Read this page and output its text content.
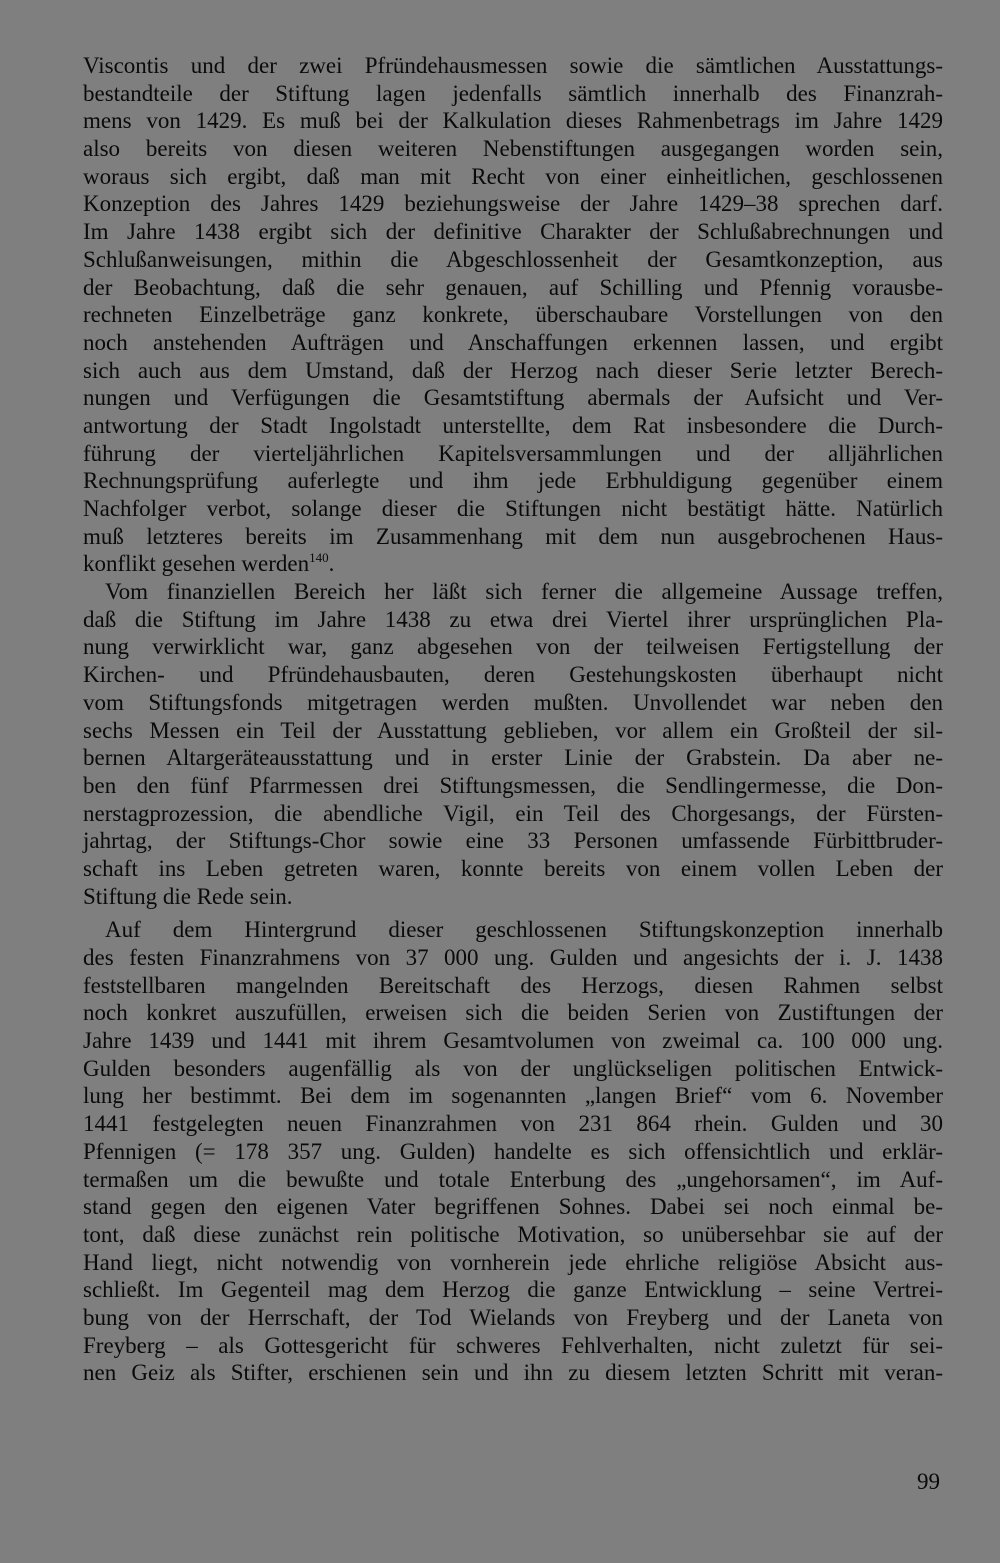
Viscontis und der zwei Pfründehausmessen sowie die sämtlichen Ausstattungs-
bestandteile der Stiftung lagen jedenfalls sämtlich innerhalb des Finanzrah-
mens von 1429. Es muß bei der Kalkulation dieses Rahmenbetrags im Jahre 1429
also bereits von diesen weiteren Nebenstiftungen ausgegangen worden sein,
woraus sich ergibt, daß man mit Recht von einer einheitlichen, geschlossenen
Konzeption des Jahres 1429 beziehungsweise der Jahre 1429–38 sprechen darf.
Im Jahre 1438 ergibt sich der definitive Charakter der Schlußabrechnungen und
Schlußanweisungen, mithin die Abgeschlossenheit der Gesamtkonzeption, aus
der Beobachtung, daß die sehr genauen, auf Schilling und Pfennig vorausbe-
rechneten Einzelbeträge ganz konkrete, überschaubare Vorstellungen von den
noch anstehenden Aufträgen und Anschaffungen erkennen lassen, und ergibt
sich auch aus dem Umstand, daß der Herzog nach dieser Serie letzter Berech-
nungen und Verfügungen die Gesamtstiftung abermals der Aufsicht und Ver-
antwortung der Stadt Ingolstadt unterstellte, dem Rat insbesondere die Durch-
führung der vierteljährlichen Kapitelsversammlungen und der alljährlichen
Rechnungsprüfung auferlegte und ihm jede Erbhuldigung gegenüber einem
Nachfolger verbot, solange dieser die Stiftungen nicht bestätigt hätte. Natürlich
muß letzteres bereits im Zusammenhang mit dem nun ausgebrochenen Haus-
konflikt gesehen werden$^{140}$.
Vom finanziellen Bereich her läßt sich ferner die allgemeine Aussage treffen,
daß die Stiftung im Jahre 1438 zu etwa drei Viertel ihrer ursprünglichen Pla-
nung verwirklicht war, ganz abgesehen von der teilweisen Fertigstellung der
Kirchen- und Pfründehausbauten, deren Gestehungskosten überhaupt nicht
vom Stiftungsfonds mitgetragen werden mußten. Unvollendet war neben den
sechs Messen ein Teil der Ausstattung geblieben, vor allem ein Großteil der sil-
bernen Altargeräteausstattung und in erster Linie der Grabstein. Da aber ne-
ben den fünf Pfarrmessen drei Stiftungsmessen, die Sendlingermesse, die Don-
nerstagprozession, die abendliche Vigil, ein Teil des Chorgesangs, der Fürsten-
jahrtag, der Stiftungs-Chor sowie eine 33 Personen umfassende Fürbittbruder-
schaft ins Leben getreten waren, konnte bereits von einem vollen Leben der
Stiftung die Rede sein.
Auf dem Hintergrund dieser geschlossenen Stiftungskonzeption innerhalb
des festen Finanzrahmens von 37 000 ung. Gulden und angesichts der i. J. 1438
feststellbaren mangelnden Bereitschaft des Herzogs, diesen Rahmen selbst
noch konkret auszufüllen, erweisen sich die beiden Serien von Zustiftungen der
Jahre 1439 und 1441 mit ihrem Gesamtvolumen von zweimal ca. 100 000 ung.
Gulden besonders augenfällig als von der unglückseligen politischen Entwick-
lung her bestimmt. Bei dem im sogenannten „langen Brief“ vom 6. November
1441 festgelegten neuen Finanzrahmen von 231 864 rhein. Gulden und 30
Pfennigen (= 178 357 ung. Gulden) handelte es sich offensichtlich und erklär-
termaßen um die bewußte und totale Enterbung des „ungehorsamen“, im Auf-
stand gegen den eigenen Vater begriffenen Sohnes. Dabei sei noch einmal be-
tont, daß diese zunächst rein politische Motivation, so unübersehbar sie auf der
Hand liegt, nicht notwendig von vornherein jede ehrliche religiöse Absicht aus-
schließt. Im Gegenteil mag dem Herzog die ganze Entwicklung – seine Vertrei-
bung von der Herrschaft, der Tod Wielands von Freyberg und der Laneta von
Freyberg – als Gottesgericht für schweres Fehlverhalten, nicht zuletzt für sei-
nen Geiz als Stifter, erschienen sein und ihn zu diesem letzten Schritt mit veran-
99
